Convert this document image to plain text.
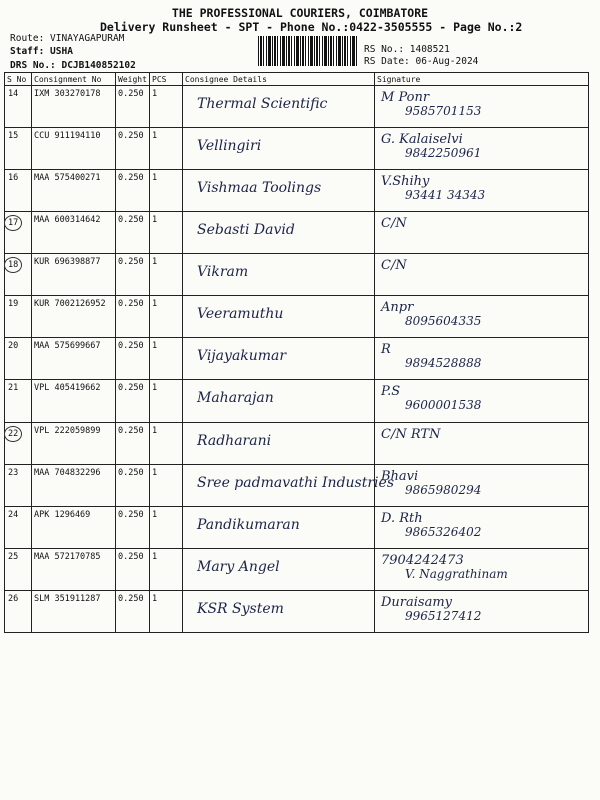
THE PROFESSIONAL COURIERS, COIMBATORE
Delivery Runsheet - SPT - Phone No.:0422-3505555 - Page No.:2
Route: VINAYAGAPURAM
Staff: USHA
DRS No.: DCJB140852102
RS No.: 1408521
RS Date: 06-Aug-2024
S No	Consignment No	Weight	PCS	Consignee Details	Signature
14	IXM 303270178	0.250	1	Thermal Scientific	M Ponr
9585701153

15	CCU 911194110	0.250	1	Vellingiri	G. Kalaiselvi
9842250961

16	MAA 575400271	0.250	1	Vishmaa Toolings	V.Shihy
93441 34343

17	MAA 600314642	0.250	1	Sebasti David	C/N

18	KUR 696398877	0.250	1	Vikram	C/N

19	KUR 7002126952	0.250	1	Veeramuthu	Anpr
8095604335

20	MAA 575699667	0.250	1	Vijayakumar	R
9894528888

21	VPL 405419662	0.250	1	Maharajan	P.S
9600001538

22	VPL 222059899	0.250	1	Radharani	C/N RTN

23	MAA 704832296	0.250	1	Sree padmavathi Industries	Bhavi
9865980294

24	APK 1296469	0.250	1	Pandikumaran	D. Rth
9865326402

25	MAA 572170785	0.250	1	Mary Angel	7904242473
V. Naggrathinam

26	SLM 351911287	0.250	1	KSR System	Duraisamy
9965127412
